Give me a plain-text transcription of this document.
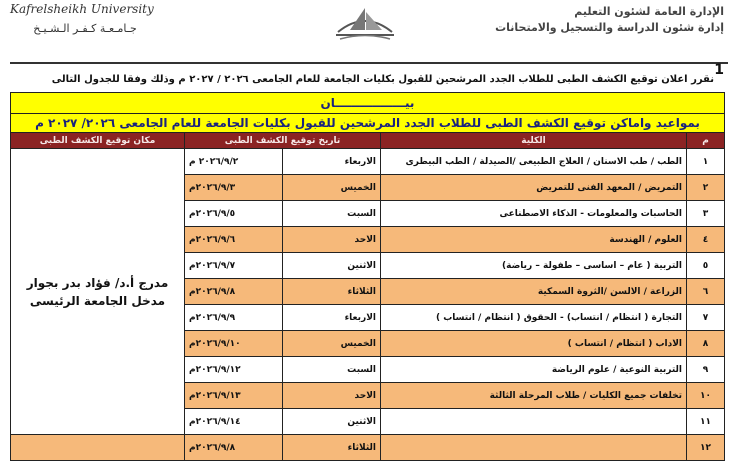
Kafrelsheikh University
جـامـعـة كـفـر الـشـيـخ
الإدارة العامة لشئون التعليم
إدارة شئون الدراسة والتسجيل والامتحانات
1
نقرر اعلان توقيع الكشف الطبى للطلاب الجدد المرشحين للقبول بكليات الجامعة للعام الجامعى ٢٠٢٦ / ٢٠٢٧ م وذلك وفقا للجدول التالى
بيـــــــــــــــــان				
بمواعيد واماكن توقيع الكشف الطبى للطلاب الجدد المرشحين للقبول بكليات الجامعة للعام الجامعى ٢٠٢٦/ ٢٠٢٧ م				
م	الكلية	تاريخ توقيع الكشف الطبى		مكان توقيع الكشف الطبى
١	الطب / طب الاسنان / العلاج الطبيعى /الصيدلة / الطب البيطرى	الاربعاء	٢٠٢٦/٩/٢ م	مدرج أ.د/ فؤاد بدر بجوار مدخل الجامعة الرئيسى
٢	التمريض / المعهد الفنى للتمريض	الخميس	٢٠٢٦/٩/٣م	
٣	الحاسبات والمعلومات - الذكاء الاصطناعى	السبت	٢٠٢٦/٩/٥م	
٤	العلوم / الهندسة	الاحد	٢٠٢٦/٩/٦م	
٥	التربية ( عام – اساسى – طفولة – رياضة)	الاثنين	٢٠٢٦/٩/٧م	
٦	الزراعة / الالسن /الثروة السمكية	الثلاثاء	٢٠٢٦/٩/٨م	
٧	التجارة ( انتظام / انتساب) - الحقوق ( انتظام / انتساب )	الاربعاء	٢٠٢٦/٩/٩م	
٨	الاداب ( انتظام / انتساب )	الخميس	٢٠٢٦/٩/١٠م	
٩	التربية النوعية / علوم الرياضة	السبت	٢٠٢٦/٩/١٢م	
١٠	تخلفات جميع الكليات / طلاب المرحلة الثالثة	الاحد	٢٠٢٦/٩/١٣م	
١١		الاثنين	٢٠٢٦/٩/١٤م	
١٢		الثلاثاء	٢٠٢٦/٩/٨م	
